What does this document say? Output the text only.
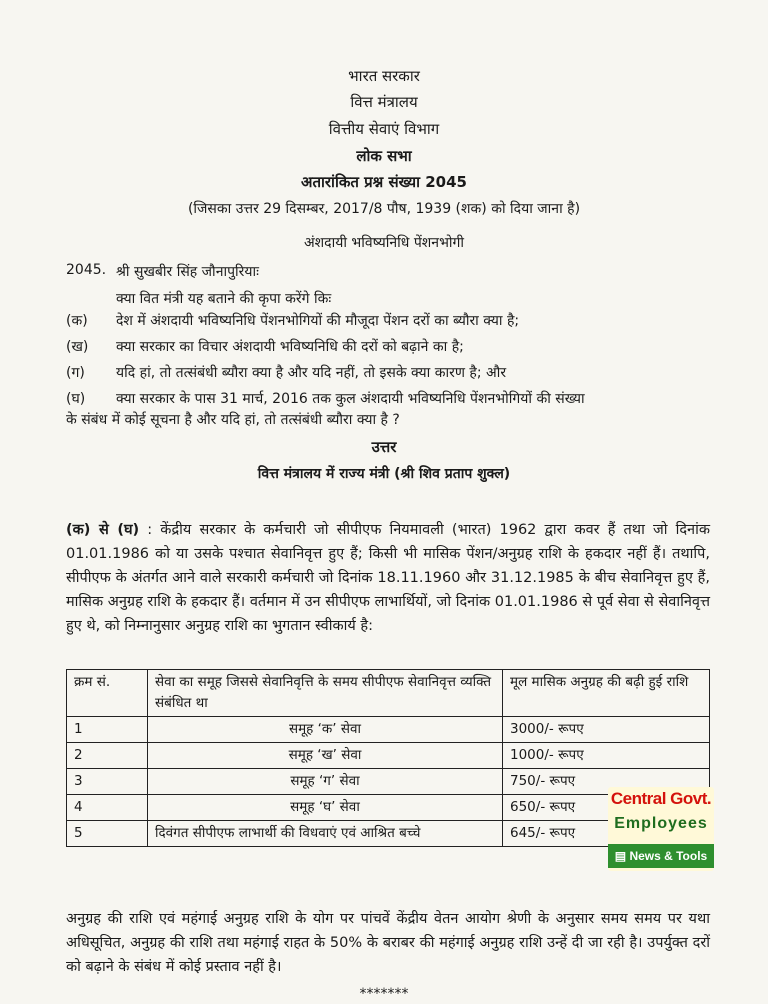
भारत सरकार
वित्त मंत्रालय
वित्तीय सेवाएं विभाग
लोक सभा
अतारांकित प्रश्न संख्या 2045
(जिसका उत्तर 29 दिसम्बर, 2017/8 पौष, 1939 (शक) को दिया जाना है)
अंशदायी भविष्यनिधि पेंशनभोगी
2045. श्री सुखबीर सिंह जौनापुरियाः
क्या वित मंत्री यह बताने की कृपा करेंगे किः
(क) देश में अंशदायी भविष्यनिधि पेंशनभोगियों की मौजूदा पेंशन दरों का ब्यौरा क्या है;
(ख) क्या सरकार का विचार अंशदायी भविष्यनिधि की दरों को बढ़ाने का है;
(ग) यदि हां, तो तत्संबंधी ब्यौरा क्या है और यदि नहीं, तो इसके क्या कारण है; और
(घ) क्या सरकार के पास 31 मार्च, 2016 तक कुल अंशदायी भविष्यनिधि पेंशनभोगियों की संख्या
के संबंध में कोई सूचना है और यदि हां, तो तत्संबंधी ब्यौरा क्या है ?
उत्तर
वित्त मंत्रालय में राज्य मंत्री (श्री शिव प्रताप शुक्ल)
(क) से (घ) : केंद्रीय सरकार के कर्मचारी जो सीपीएफ नियमावली (भारत) 1962 द्वारा कवर हैं तथा जो दिनांक 01.01.1986 को या उसके पश्चात सेवानिवृत्त हुए हैं; किसी भी मासिक पेंशन/अनुग्रह राशि के हकदार नहीं हैं। तथापि, सीपीएफ के अंतर्गत आने वाले सरकारी कर्मचारी जो दिनांक 18.11.1960 और 31.12.1985 के बीच सेवानिवृत्त हुए हैं, मासिक अनुग्रह राशि के हकदार हैं। वर्तमान में उन सीपीएफ लाभार्थियों, जो दिनांक 01.01.1986 से पूर्व सेवा से सेवानिवृत्त हुए थे, को निम्नानुसार अनुग्रह राशि का भुगतान स्वीकार्य है:
क्रम सं.	सेवा का समूह जिससे सेवानिवृत्ति के समय सीपीएफ सेवानिवृत्त व्यक्ति संबंधित था	मूल मासिक अनुग्रह की बढ़ी हुई राशि
1	समूह ‘क’ सेवा	3000/- रूपए
2	समूह ‘ख’ सेवा	1000/- रूपए
3	समूह ‘ग’ सेवा	750/- रूपए
4	समूह ‘घ’ सेवा	650/- रूपए
5	दिवंगत सीपीएफ लाभार्थी की विधवाएं एवं आश्रित बच्चे	645/- रूपए
अनुग्रह की राशि एवं महंगाई अनुग्रह राशि के योग पर पांचवें केंद्रीय वेतन आयोग श्रेणी के अनुसार समय समय पर यथा अधिसूचित, अनुग्रह की राशि तथा महंगाई राहत के 50% के बराबर की महंगाई अनुग्रह राशि उन्हें दी जा रही है। उपर्युक्त दरों को बढ़ाने के संबंध में कोई प्रस्ताव नहीं है।
*******
Central Govt.
Employees
▤ News & Tools
